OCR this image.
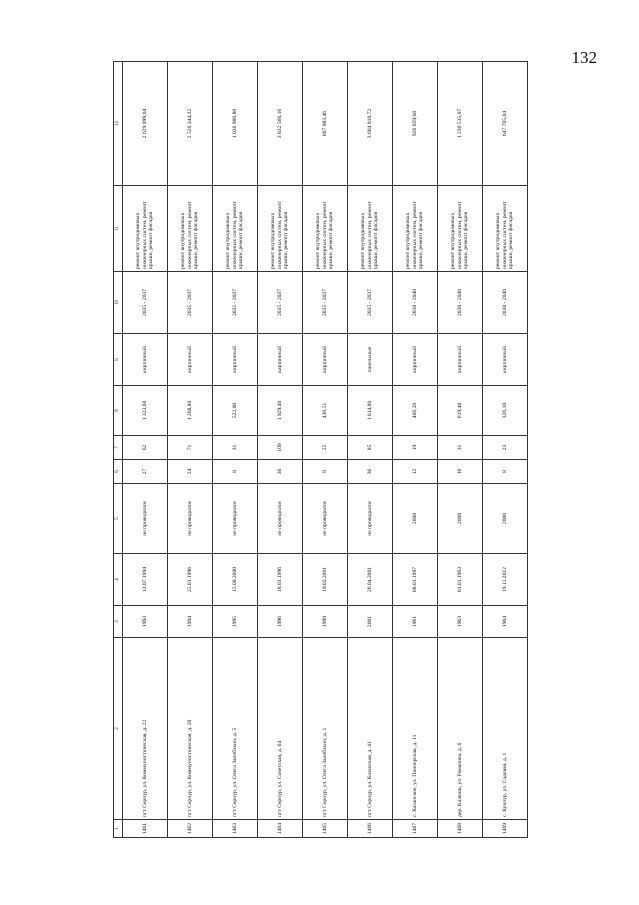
132
1	2	3	4	5	6	7	8	9	10	11	12
1461	пгт Сернур, ул. Коммунистическая, д. 22	1993	13.07.1994	не проводился	27	62	1 323,60	кирпичный	2035 - 2037	ремонт внутридомовых инженерных систем, ремонт крыши, ремонт фасадов	2 629 999,04
1462	пгт Сернур, ул. Коммунистическая, д. 20	1994	25.01.1996	не проводился	24	71	1 268,80	кирпичный	2035 - 2037	ремонт внутридомовых инженерных систем, ремонт крыши, ремонт фасадов	2 520 344,32
1463	пгт Сернур, ул. Олега Заонбзкин, д. 5	1995	15.08.2000	не проводился	8	31	522,00	кирпичный	2035 - 2037	ремонт внутридомовых инженерных систем, ремонт крыши, ремонт фасадов	1 036 900,80
1464	пгт Сернур, ул. Советская, д. 64	1996	18.03.1996	не проводился	36	109	1 929,40	кирпичный	2035 - 2037	ремонт внутридомовых инженерных систем, ремонт крыши, ремонт фасадов	3 832 560,16
1465	пгт Сернур, ул. Олега Заонбзкин, д. 1	1999	19.03.2001	не проводился	8	25	436,51	кирпичный	2035 - 2037	ремонт внутридомовых инженерных систем, ремонт крыши, ремонт фасадов	867 083,46
1466	пгт Сернур, ул. Казанская, д. 41	2001	26.04.2001	не проводился	36	85	1 814,80	панельные	2035 - 2037	ремонт внутридомовых инженерных систем, ремонт крыши, ремонт фасадов	3 604 918,72
1467	с. Казанское, ул. Пионерская, д. 11	1961	08.01.1997	2008	12	19	466,20	кирпичный	2038 - 2040	ремонт внутридомовых инженерных систем, ремонт крыши, ремонт фасадов	926 059,68
1468	дер. Калеиш, ул. Романова, д. 6	1963	01.01.1963	2008	16	31	619,48	кирпичный	2038 - 2040	ремонт внутридомовых инженерных систем, ремонт крыши, ремонт фасадов	1 230 535,07
1469	с. Кукнур, ул. Садовая, д. 1	1964	19.11.2012	2008	8	23	326,10	кирпичный	2038 - 2040	ремонт внутридомовых инженерных систем, ремонт крыши, ремонт фасадов	647 765,04
